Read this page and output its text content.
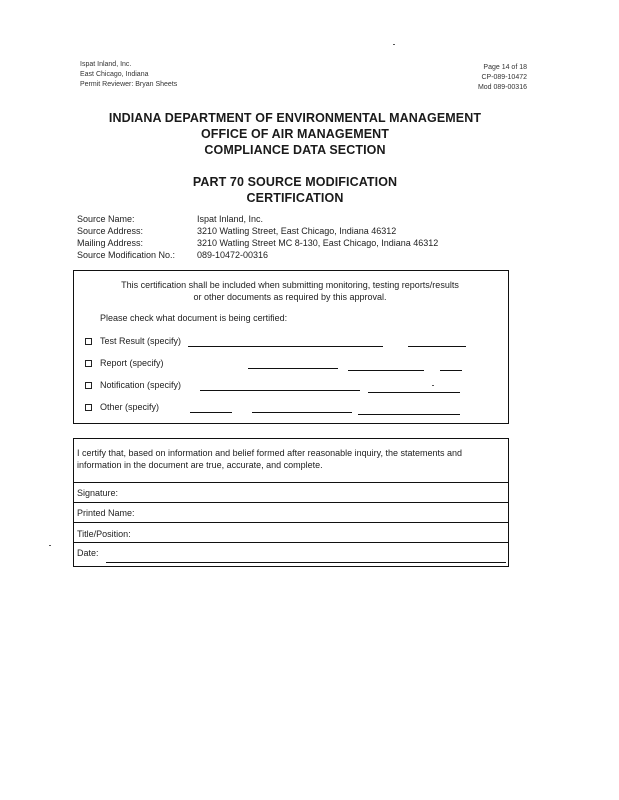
Ispat Inland, Inc.
East Chicago, Indiana
Permit Reviewer: Bryan Sheets
Page 14 of 18
CP-089-10472
Mod 089-00316
INDIANA DEPARTMENT OF ENVIRONMENTAL MANAGEMENT
OFFICE OF AIR MANAGEMENT
COMPLIANCE DATA SECTION
PART 70 SOURCE MODIFICATION
CERTIFICATION
Source Name:	Ispat Inland, Inc.
Source Address:	3210 Watling Street, East Chicago, Indiana 46312
Mailing Address:	3210 Watling Street MC 8-130, East Chicago, Indiana 46312
Source Modification No.: 089-10472-00316
This certification shall be included when submitting monitoring, testing reports/results
or other documents as required by this approval.
Please check what document is being certified:
Test Result (specify)
Report (specify)
Notification (specify)
Other (specify)
I certify that, based on information and belief formed after reasonable inquiry, the statements and
information in the document are true, accurate, and complete.
Signature:
Printed Name:
Title/Position:
Date:
